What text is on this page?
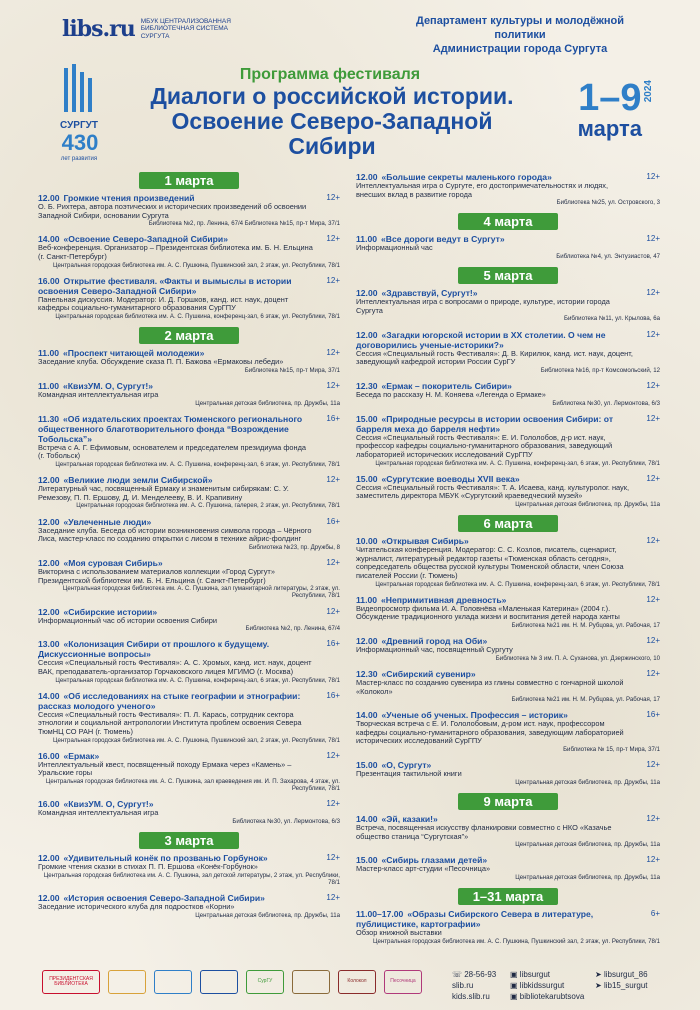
libs.ru МБУК ЦЕНТРАЛИЗОВАННАЯ БИБЛИОТЕЧНАЯ СИСТЕМА СУРГУТА
Департамент культуры и молодёжной политики
Администрации города Сургута
СУРГУТ
430
лет развития
Программа фестиваля
Диалоги о российской истории.
Освоение Северо-Западной
Сибири
1–9
марта
2024
1 марта
12.00 Громкие чтения произведений	12+
О. Б. Рихтера, автора поэтических и исторических произведений об освоении Западной Сибири, основании Сургута
Библиотека №2, пр. Ленина, 67/4 Библиотека №15, пр-т Мира, 37/1
14.00 «Освоение Северо-Западной Сибири»	12+
Веб-конференция. Организатор – Президентская библиотека им. Б. Н. Ельцина (г. Санкт-Петербург)
Центральная городская библиотека им. А. С. Пушкина, Пушкинский зал, 2 этаж, ул. Республики, 78/1
16.00 Открытие фестиваля. «Факты и вымыслы в истории освоения Северо-Западной Сибири»
12+
Панельная дискуссия. Модератор: И. Д. Горшков, канд. ист. наук, доцент кафедры социально-гуманитарного образования СурГПУ
Центральная городская библиотека им. А. С. Пушкина, конференц-зал, 6 этаж, ул. Республики, 78/1
2 марта
11.00 «Проспект читающей молодежи»	12+
Заседание клуба. Обсуждение сказа П. П. Бажова «Ермаковы лебеди»
Библиотека №15, пр-т Мира, 37/1
11.00 «КвизУМ. О, Сургут!»	12+
Командная интеллектуальная игра
Центральная детская библиотека, пр. Дружбы, 11а
11.30 «Об издательских проектах Тюменского регионального общественного благотворительного фонда “Возрождение Тобольска”»
16+
Встреча с А. Г. Ефимовым, основателем и председателем президиума фонда (г. Тобольск)
Центральная городская библиотека им. А. С. Пушкина, конференц-зал, 6 этаж, ул. Республики, 78/1
12.00 «Великие люди земли Сибирской»	12+
Литературный час, посвященный Ермаку и знаменитым сибирякам: С. У. Ремезову, П. П. Ершову, Д. И. Менделееву, В. И. Крапивину
Центральная городская библиотека им. А. С. Пушкина, галерея, 2 этаж, ул. Республики, 78/1
12.00 «Увлеченные люди»	16+
Заседание клуба. Беседа об истории возникновения символа города – Чёрного Лиса, мастер-класс по созданию открытки с лисом в технике айрис-фолдинг
Библиотека №23, пр. Дружбы, 8
12.00 «Моя суровая Сибирь»	12+
Викторина с использованием материалов коллекции «Город Сургут» Президентской библиотеки им. Б. Н. Ельцина (г. Санкт-Петербург)
Центральная городская библиотека им. А. С. Пушкина, зал гуманитарной литературы, 2 этаж, ул. Республики, 78/1
12.00 «Сибирские истории»	12+
Информационный час об истории освоения Сибири
Библиотека №2, пр. Ленина, 67/4
13.00 «Колонизация Сибири от прошлого к будущему. Дискуссионные вопросы»
16+
Сессия «Специальный гость Фестиваля»: А. С. Хромых, канд. ист. наук, доцент ВАК, преподаватель-организатор Горчаковского лицея МГИМО (г. Москва)
Центральная городская библиотека им. А. С. Пушкина, конференц-зал, 6 этаж, ул. Республики, 78/1
14.00 «Об исследованиях на стыке географии и этнографии: рассказ молодого ученого»
16+
Сессия «Специальный гость Фестиваля»: П. Л. Карась, сотрудник сектора этнологии и социальной антропологии Института проблем освоения Севера ТюмНЦ СО РАН (г. Тюмень)
Центральная городская библиотека им. А. С. Пушкина, Пушкинский зал, 2 этаж, ул. Республики, 78/1
16.00 «Ермак»	12+
Интеллектуальный квест, посвященный походу Ермака через «Камень» – Уральские горы
Центральная городская библиотека им. А. С. Пушкина, зал краеведения им. И. П. Захарова, 4 этаж, ул. Республики, 78/1
16.00 «КвизУМ. О, Сургут!»	12+
Командная интеллектуальная игра
Библиотека №30, ул. Лермонтова, 6/3
3 марта
12.00 «Удивительный конёк по прозванью Горбунок»	12+
Громкие чтения сказки в стихах П. П. Ершова «Конёк-Горбунок»
Центральная городская библиотека им. А. С. Пушкина, зал детской литературы, 2 этаж, ул. Республики, 78/1
12.00 «История освоения Северо-Западной Сибири»	12+
Заседание исторического клуба для подростков «Корни»
Центральная детская библиотека, пр. Дружбы, 11а
12.00 «Большие секреты маленького города»	12+
Интеллектуальная игра о Сургуте, его достопримечательностях и людях, внесших вклад в развитие города
Библиотека №25, ул. Островского, 3
4 марта
11.00 «Все дороги ведут в Сургут»	12+
Информационный час
Библиотека №4, ул. Энтузиастов, 47
5 марта
12.00 «Здравствуй, Сургут!»	12+
Интеллектуальная игра с вопросами о природе, культуре, истории города Сургута
Библиотека №11, ул. Крылова, 6а
12.00 «Загадки югорской истории в XX столетии. О чем не договорились ученые-историки?»
12+
Сессия «Специальный гость Фестиваля»: Д. В. Кирилюк, канд. ист. наук, доцент, заведующий кафедрой истории России СурГУ
Библиотека №16, пр-т Комсомольский, 12
12.30 «Ермак – покоритель Сибири»	12+
Беседа по рассказу Н. М. Коняева «Легенда о Ермаке»
Библиотека №30, ул. Лермонтова, 6/3
15.00 «Природные ресурсы в истории освоения Сибири: от барреля меха до барреля нефти»
12+
Сессия «Специальный гость Фестиваля»: Е. И. Гололобов, д-р ист. наук, профессор кафедры социально-гуманитарного образования, заведующий лабораторией исторических исследований СурГПУ
Центральная городская библиотека им. А. С. Пушкина, конференц-зал, 6 этаж, ул. Республики, 78/1
15.00 «Сургутские воеводы XVII века»	12+
Сессия «Специальный гость Фестиваля»: Т. А. Исаева, канд. культуролог. наук, заместитель директора МБУК «Сургутский краеведческий музей»
Центральная детская библиотека, пр. Дружбы, 11а
6 марта
10.00 «Открывая Сибирь»	12+
Читательская конференция. Модератор: С. С. Козлов, писатель, сценарист, журналист, литературный редактор газеты «Тюменская область сегодня», сопредседатель общества русской культуры Тюменской области, член Союза писателей России (г. Тюмень)
Центральная городская библиотека им. А. С. Пушкина, конференц-зал, 6 этаж, ул. Республики, 78/1
11.00 «Непримитивная древность»	12+
Видеопросмотр фильма И. А. Головнёва «Маленькая Катерина» (2004 г.). Обсуждение традиционного уклада жизни и воспитания детей народа ханты
Библиотека №21 им. Н. М. Рубцова, ул. Рабочая, 17
12.00 «Древний город на Оби»	12+
Информационный час, посвященный Сургуту
Библиотека № 3 им. П. А. Суханова, ул. Дзержинского, 10
12.30 «Сибирский сувенир»	12+
Мастер-класс по созданию сувенира из глины совместно с гончарной школой «Колокол»
Библиотека №21 им. Н. М. Рубцова, ул. Рабочая, 17
14.00 «Ученые об ученых. Профессия – историк»	16+
Творческая встреча с Е. И. Гололобовым, д-ром ист. наук, профессором кафедры социально-гуманитарного образования, заведующим лабораторией исторических исследований СурГПУ
Библиотека № 15, пр-т Мира, 37/1
15.00 «О, Сургут»	12+
Презентация тактильной книги
Центральная детская библиотека, пр. Дружбы, 11а
9 марта
14.00 «Эй, казаки!»	12+
Встреча, посвященная искусству фланкировки совместно с НКО «Казачье общество станица “Сургутская”»
Центральная детская библиотека, пр. Дружбы, 11а
15.00 «Сибирь глазами детей»	12+
Мастер-класс арт-студии «Песочница»
Центральная детская библиотека, пр. Дружбы, 11а
1–31 марта
11.00–17.00 «Образы Сибирского Севера в литературе, публицистике, картографии»
6+
Обзор книжной выставки
Центральная городская библиотека им. А. С. Пушкина, Пушкинский зал, 2 этаж, ул. Республики, 78/1
ПРЕЗИДЕНТСКАЯ БИБЛИОТЕКА	СурГУ	Колокол	Песочница
☏ 28-56-93
slib.ru
kids.slib.ru
▣ libsurgut
▣ libkidssurgut
▣ bibliotekarubtsova
➤ libsurgut_86
➤ lib15_surgut
